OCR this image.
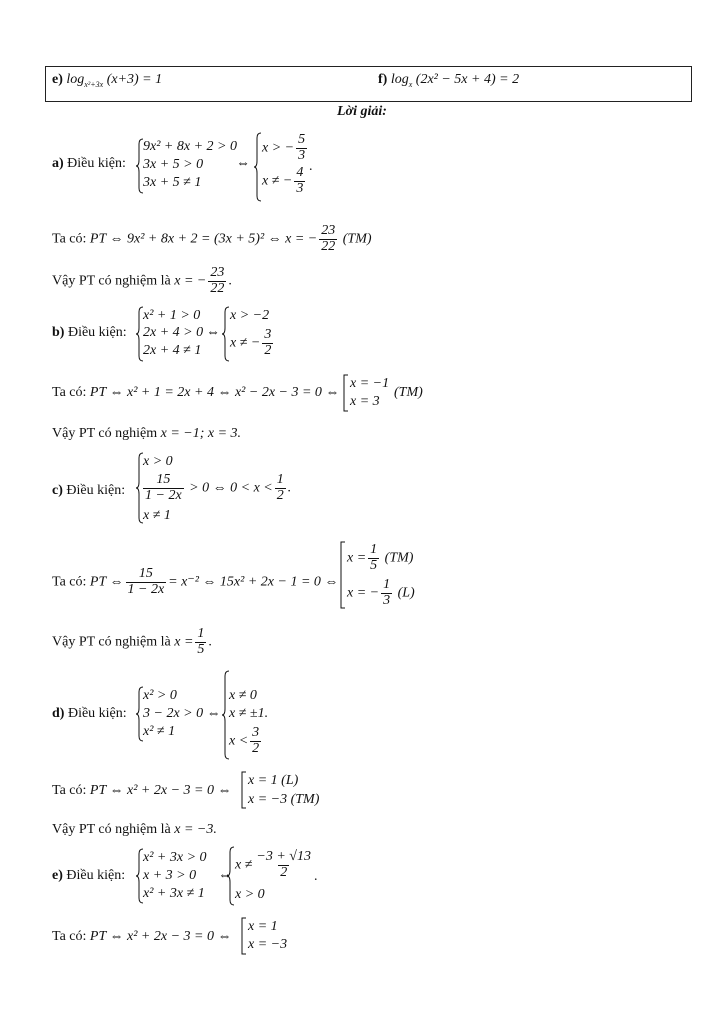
e) $\log_{x^2+3x} (x+3) = 1$	f) $\log_x (2x^2 - 5x + 4) = 2$
Lời giải:
a) Điều kiện:
9x² + 8x + 2 > 0
3x + 5 > 0
3x + 5 ≠ 1
⇔
x > − $\frac{5}{3}$
x ≠ − $\frac{4}{3}$ .
Ta có: PT ⇔ 9x² + 8x + 2 = (3x + 5)² ⇔ x = − $\frac{23}{22} (TM)$
Vậy PT có nghiệm là x = − $\frac{23}{22}$ .
b) Điều kiện:
x² + 1 > 0
2x + 4 > 0
2x + 4 ≠ 1
⇔
x > −2
x ≠ − $\frac{3}{2}$
Ta có: PT ⇔ x² + 1 = 2x + 4 ⇔ x² − 2x − 3 = 0 ⇔
x = −1
x = 3
(TM)
Vậy PT có nghiệm x = −1; x = 3.
c) Điều kiện:
x > 0
$\frac{15}{1 - 2x} > 0$ ⇔ $0 < x < \frac{1}{2}$ .
x ≠ 1
Ta có: PT ⇔ $\frac{15}{1 - 2x} = x^{-2}$ ⇔ 15x² + 2x − 1 = 0 ⇔
$x = \frac{1}{5} (TM)$
x = − $\frac{1}{3} (L)$
Vậy PT có nghiệm là $x = \frac{1}{5}$ .
d) Điều kiện:
x² > 0
3 − 2x > 0 ⇔
x² ≠ 1
x ≠ 0
x ≠ ±1.
$x < \frac{3}{2}$
Ta có: PT ⇔ x² + 2x − 3 = 0 ⇔
x = 1 (L)
x = −3 (TM)
Vậy PT có nghiệm là x = −3.
e) Điều kiện:
x² + 3x > 0
x + 3 > 0
x² + 3x ≠ 1
⇔
$x \ne \frac{-3 + √13}{2}$ .
x > 0
Ta có: PT ⇔ x² + 2x − 3 = 0 ⇔
x = 1
x = −3
